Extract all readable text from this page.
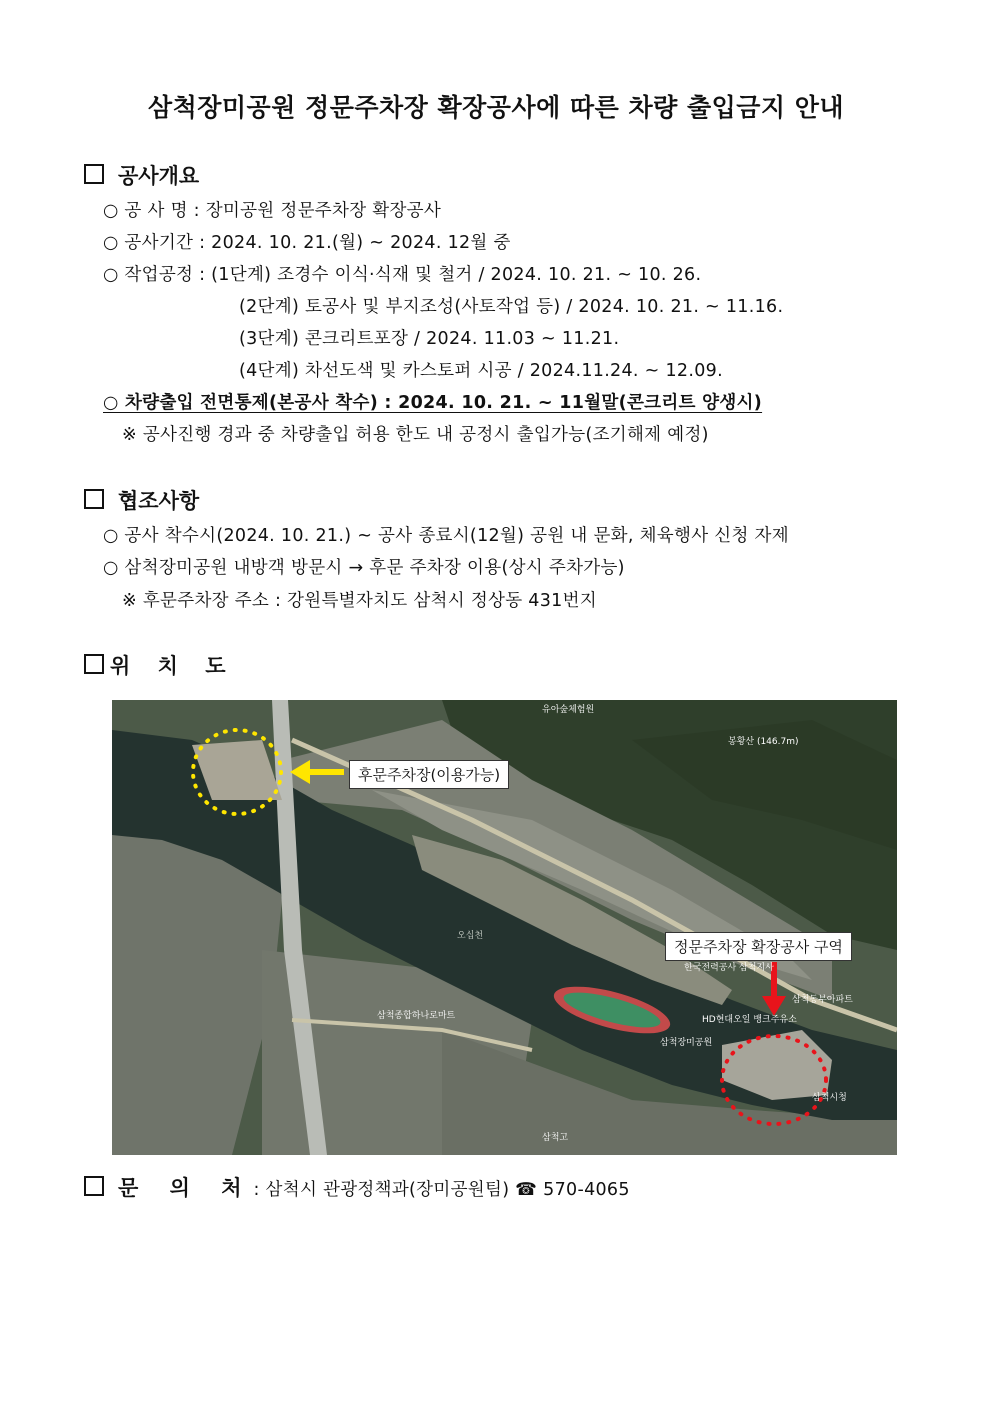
삼척장미공원 정문주차장 확장공사에 따른 차량 출입금지 안내
공사개요
○ 공 사 명 : 장미공원 정문주차장 확장공사
○ 공사기간 : 2024. 10. 21.(월) ~ 2024. 12월 중
○ 작업공정 : (1단계) 조경수 이식·식재 및 철거 / 2024. 10. 21. ~ 10. 26.
(2단계) 토공사 및 부지조성(사토작업 등) / 2024. 10. 21. ~ 11.16.
(3단계) 콘크리트포장 / 2024. 11.03 ~ 11.21.
(4단계) 차선도색 및 카스토퍼 시공 / 2024.11.24. ~ 12.09.
○ 차량출입 전면통제(본공사 착수) : 2024. 10. 21. ~ 11월말(콘크리트 양생시)
※ 공사진행 경과 중 차량출입 허용 한도 내 공정시 출입가능(조기해제 예정)
협조사항
○ 공사 착수시(2024. 10. 21.) ~ 공사 종료시(12월) 공원 내 문화, 체육행사 신청 자제
○ 삼척장미공원 내방객 방문시 → 후문 주차장 이용(상시 주차가능)
※ 후문주차장 주소 : 강원특별자치도 삼척시 정상동 431번지
위 치 도
유아숲체험원
봉황산 (146.7m)
오십천
삼척장미공원
삼척시청
한국전력공사 삼척지사
HD현대오일 뱅크주유소
삼척동부아파트
삼척종합하나로마트
삼척고
후문주차장(이용가능)
정문주차장 확장공사 구역
문 의 처: 삼척시 관광정책과(장미공원팀) ☎ 570-4065
